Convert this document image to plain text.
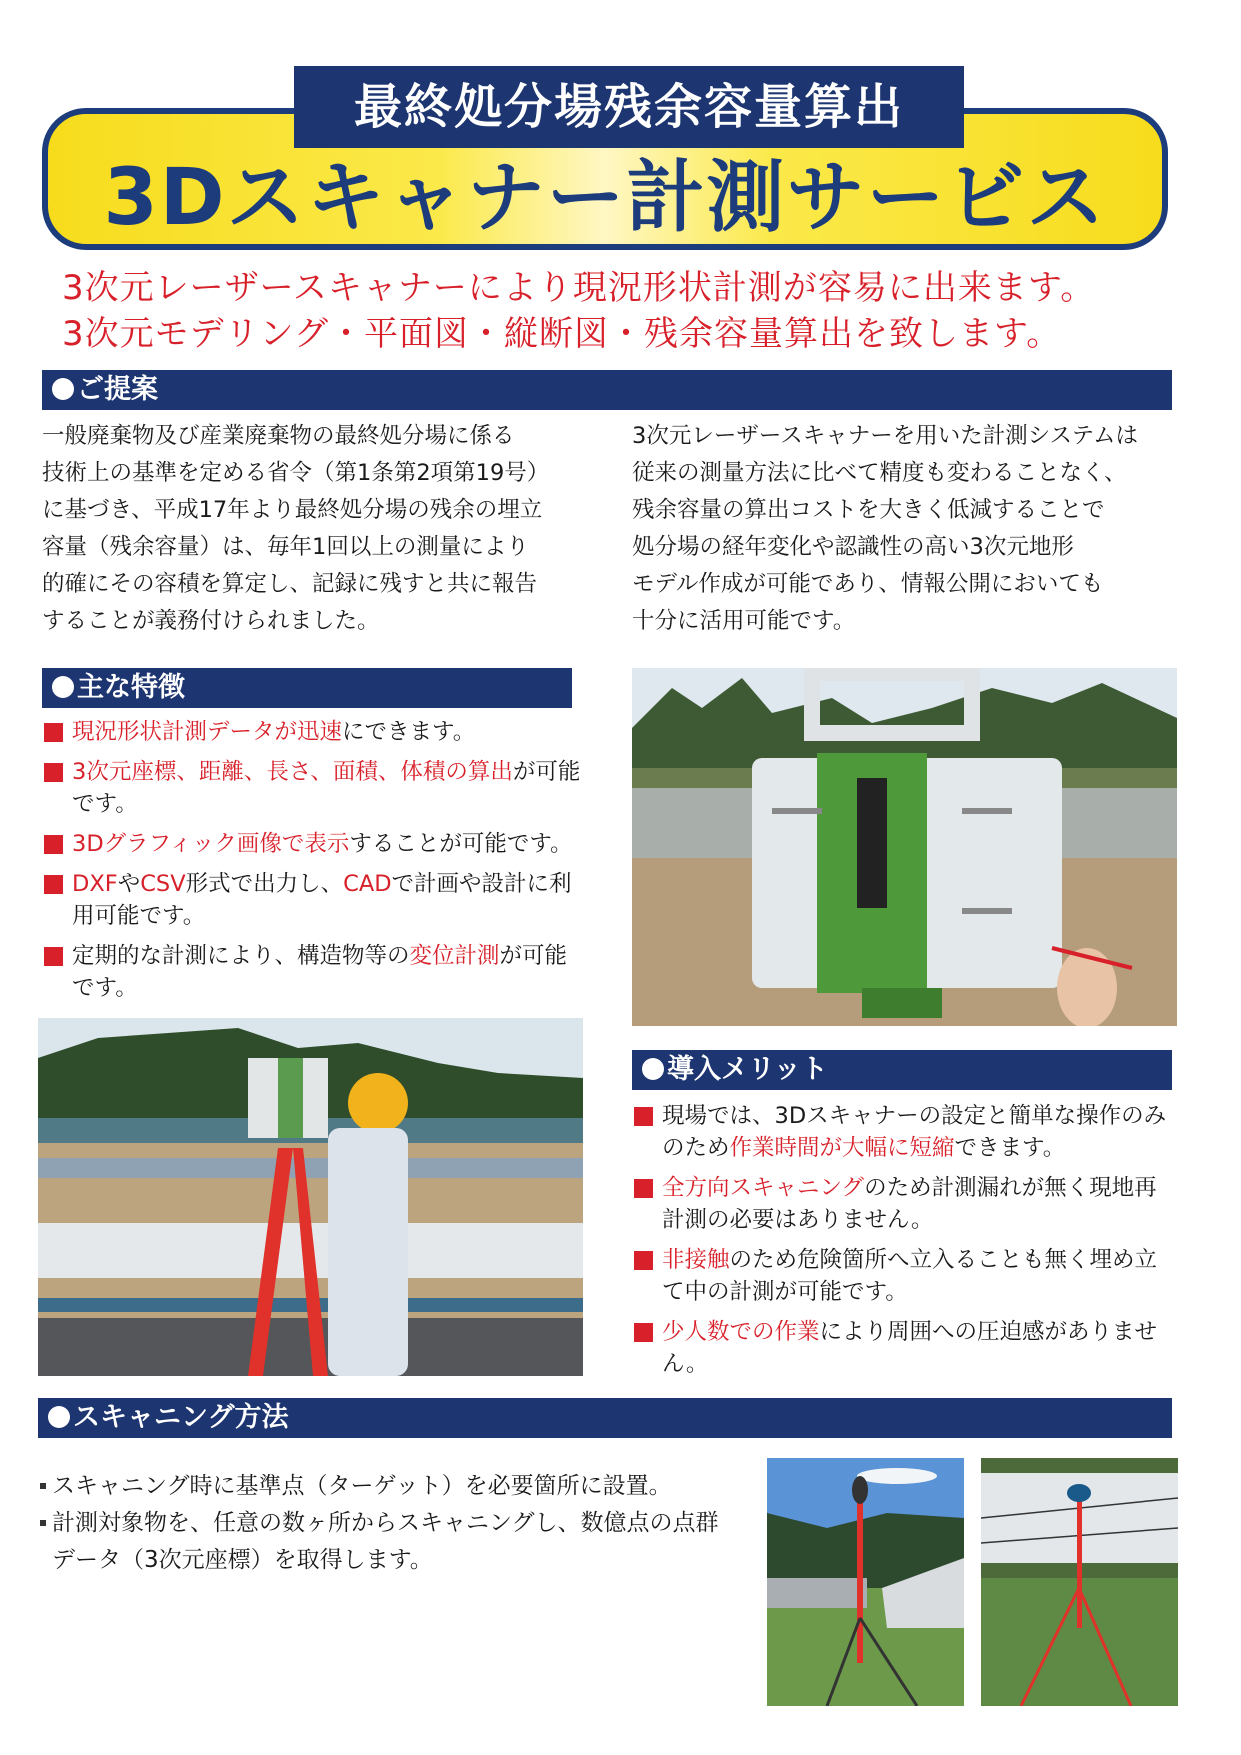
最終処分場残余容量算出
3Dスキャナー計測サービス
3次元レーザースキャナーにより現況形状計測が容易に出来ます。
3次元モデリング・平面図・縦断図・残余容量算出を致します。
ご提案

一般廃棄物及び産業廃棄物の最終処分場に係る

技術上の基準を定める省令（第1条第2項第19号）

に基づき、平成17年より最終処分場の残余の埋立

容量（残余容量）は、毎年1回以上の測量により

的確にその容積を算定し、記録に残すと共に報告

することが義務付けられました。

3次元レーザースキャナーを用いた計測システムは

従来の測量方法に比べて精度も変わることなく、

残余容量の算出コストを大きく低減することで

処分場の経年変化や認識性の高い3次元地形

モデル作成が可能であり、情報公開においても

十分に活用可能です。

主な特徴
現況形状計測データが迅速にできます。
3次元座標、距離、長さ、面積、体積の算出が可能です。
3Dグラフィック画像で表示することが可能です。
DXFやCSV形式で出力し、CADで計画や設計に利用可能です。
定期的な計測により、構造物等の変位計測が可能です。
導入メリット
現場では、3Dスキャナーの設定と簡単な操作のみのため作業時間が大幅に短縮できます。
全方向スキャニングのため計測漏れが無く現地再計測の必要はありません。
非接触のため危険箇所へ立入ることも無く埋め立て中の計測が可能です。
少人数での作業により周囲への圧迫感がありません。
スキャニング方法
スキャニング時に基準点（ターゲット）を必要箇所に設置。
計測対象物を、任意の数ヶ所からスキャニングし、数億点の点群データ（3次元座標）を取得します。
